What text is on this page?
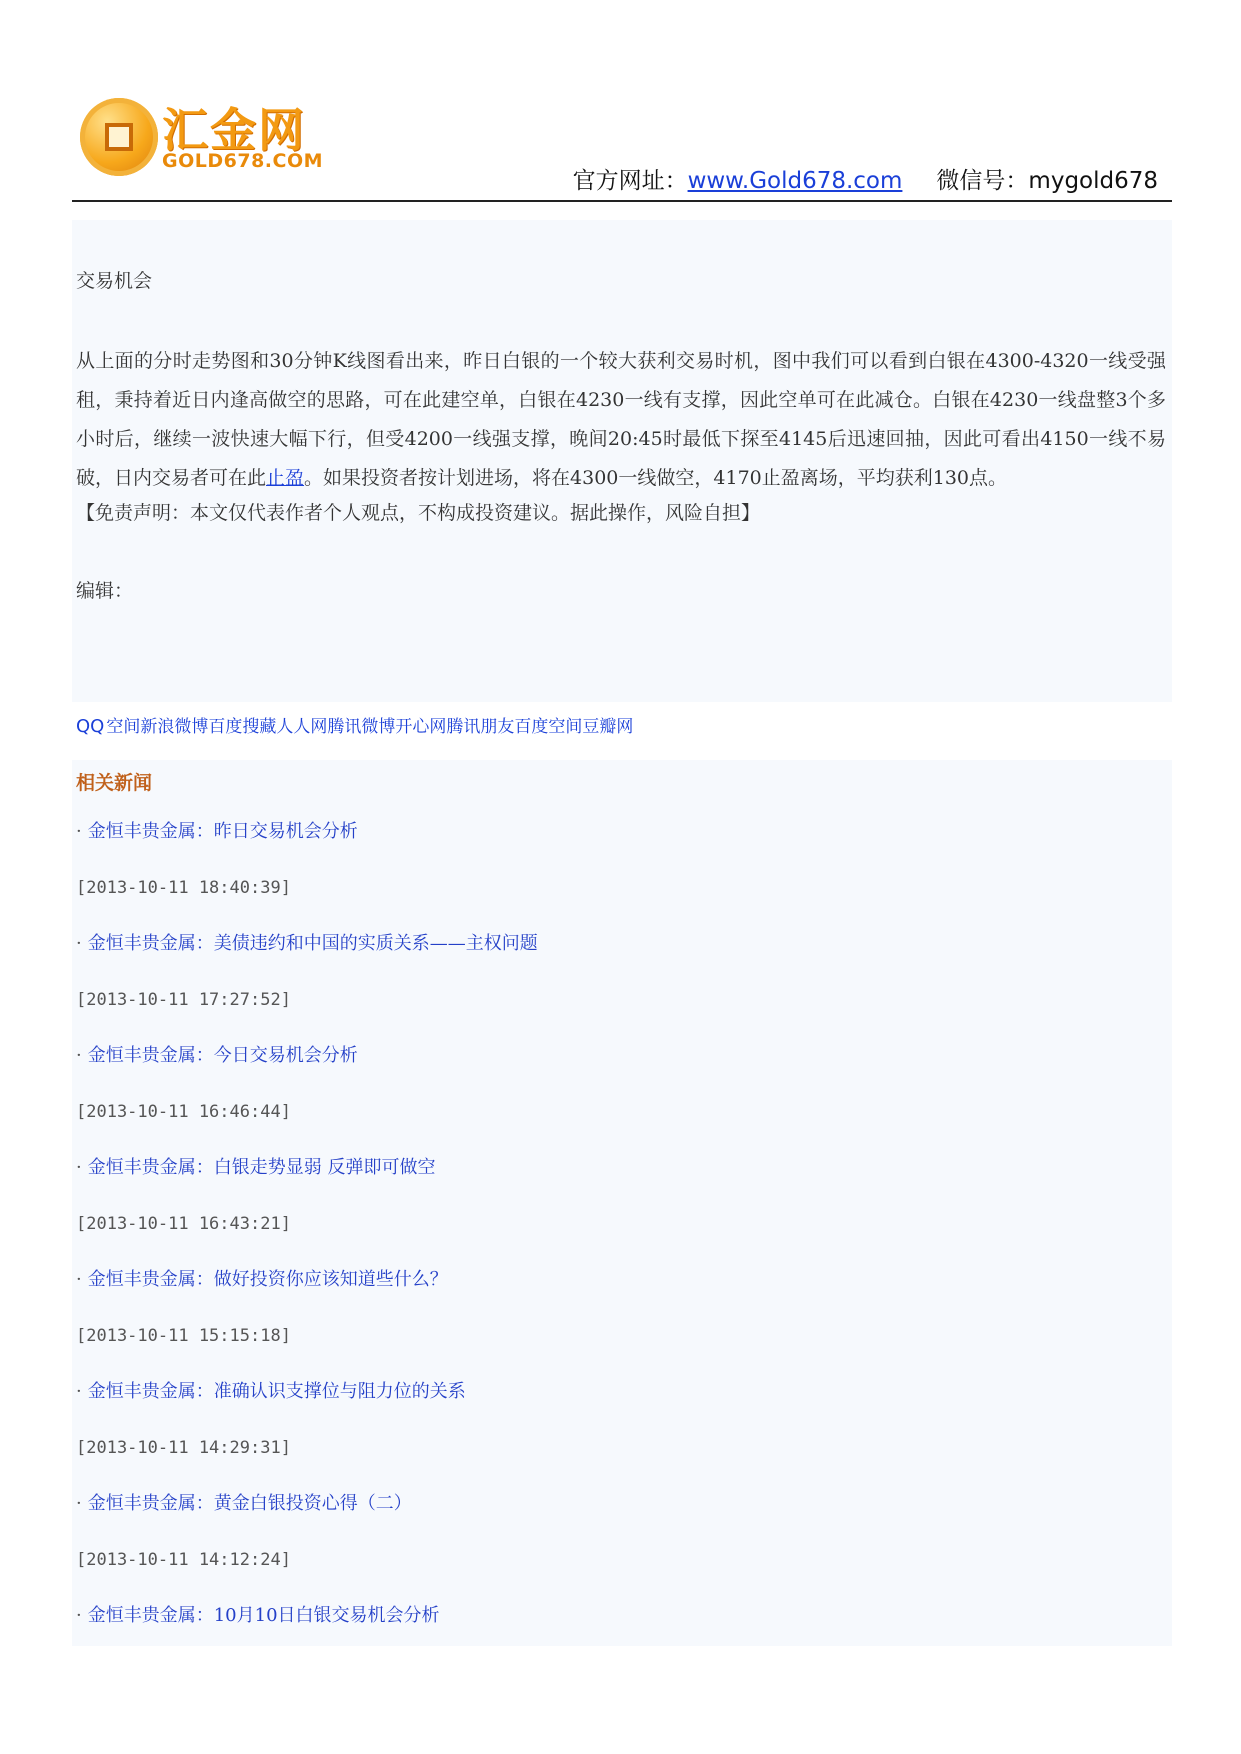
汇金网
GOLD678.COM
官方网址：www.Gold678.com 微信号：mygold678
交易机会
从上面的分时走势图和30分钟K线图看出来，昨日白银的一个较大获利交易时机，图中我们可以看到白银在4300-4320一线受强租，秉持着近日内逢高做空的思路，可在此建空单，白银在4230一线有支撑，因此空单可在此减仓。白银在4230一线盘整3个多小时后，继续一波快速大幅下行，但受4200一线强支撑，晚间20:45时最低下探至4145后迅速回抽，因此可看出4150一线不易破，日内交易者可在此止盈。如果投资者按计划进场，将在4300一线做空，4170止盈离场，平均获利130点。
【免责声明：本文仅代表作者个人观点，不构成投资建议。据此操作，风险自担】
编辑：
QQ 空间新浪微博百度搜藏人人网腾讯微博开心网腾讯朋友百度空间豆瓣网
相关新闻
· 金恒丰贵金属：昨日交易机会分析
[2013-10-11 18:40:39]
· 金恒丰贵金属：美债违约和中国的实质关系——主权问题
[2013-10-11 17:27:52]
· 金恒丰贵金属：今日交易机会分析
[2013-10-11 16:46:44]
· 金恒丰贵金属：白银走势显弱 反弹即可做空
[2013-10-11 16:43:21]
· 金恒丰贵金属：做好投资你应该知道些什么？
[2013-10-11 15:15:18]
· 金恒丰贵金属：准确认识支撑位与阻力位的关系
[2013-10-11 14:29:31]
· 金恒丰贵金属：黄金白银投资心得（二）
[2013-10-11 14:12:24]
· 金恒丰贵金属：10月10日白银交易机会分析
